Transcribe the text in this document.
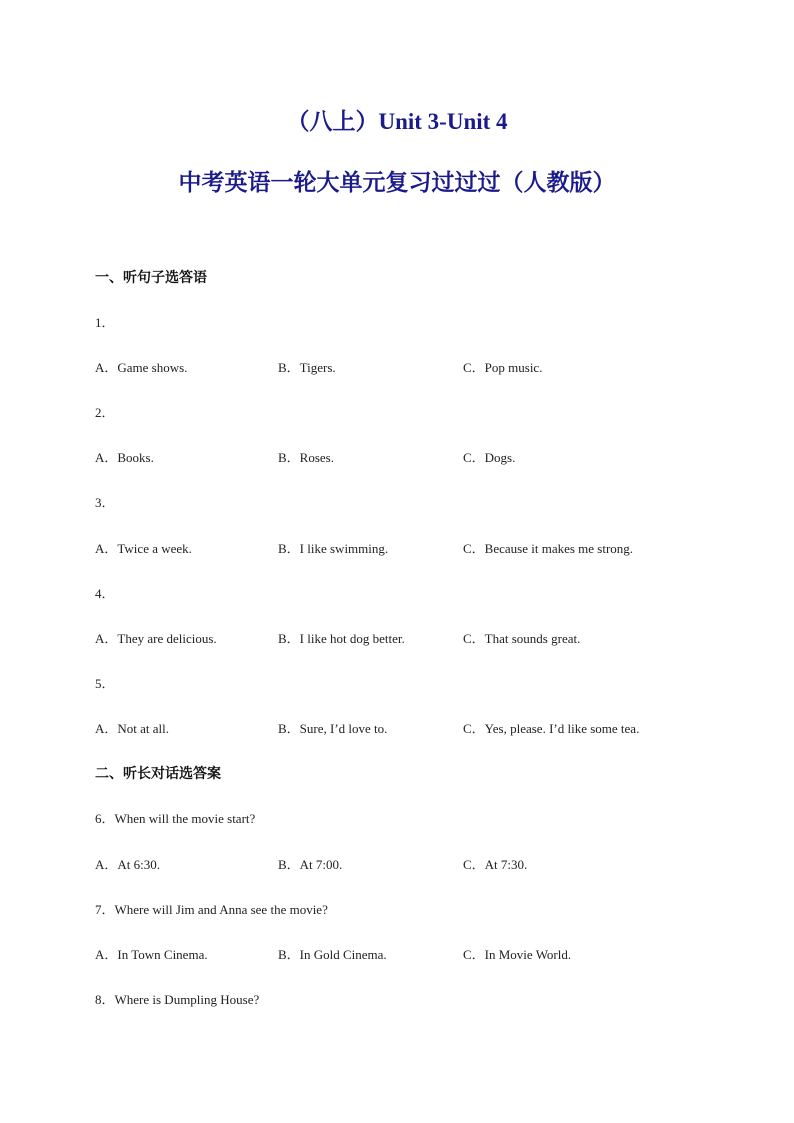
（八上）Unit 3-Unit 4
中考英语一轮大单元复习过过过（人教版）
一、听句子选答语
1．
A．Game shows.	B．Tigers.	C．Pop music.
2．
A．Books.	B．Roses.	C．Dogs.
3．
A．Twice a week.	B．I like swimming.	C．Because it makes me strong.
4．
A．They are delicious.	B．I like hot dog better.	C．That sounds great.
5．
A．Not at all.	B．Sure, I’d love to.	C．Yes, please. I’d like some tea.
二、听长对话选答案
6．When will the movie start?
A．At 6:30.	B．At 7:00.	C．At 7:30.
7．Where will Jim and Anna see the movie?
A．In Town Cinema.	B．In Gold Cinema.	C．In Movie World.
8．Where is Dumpling House?
